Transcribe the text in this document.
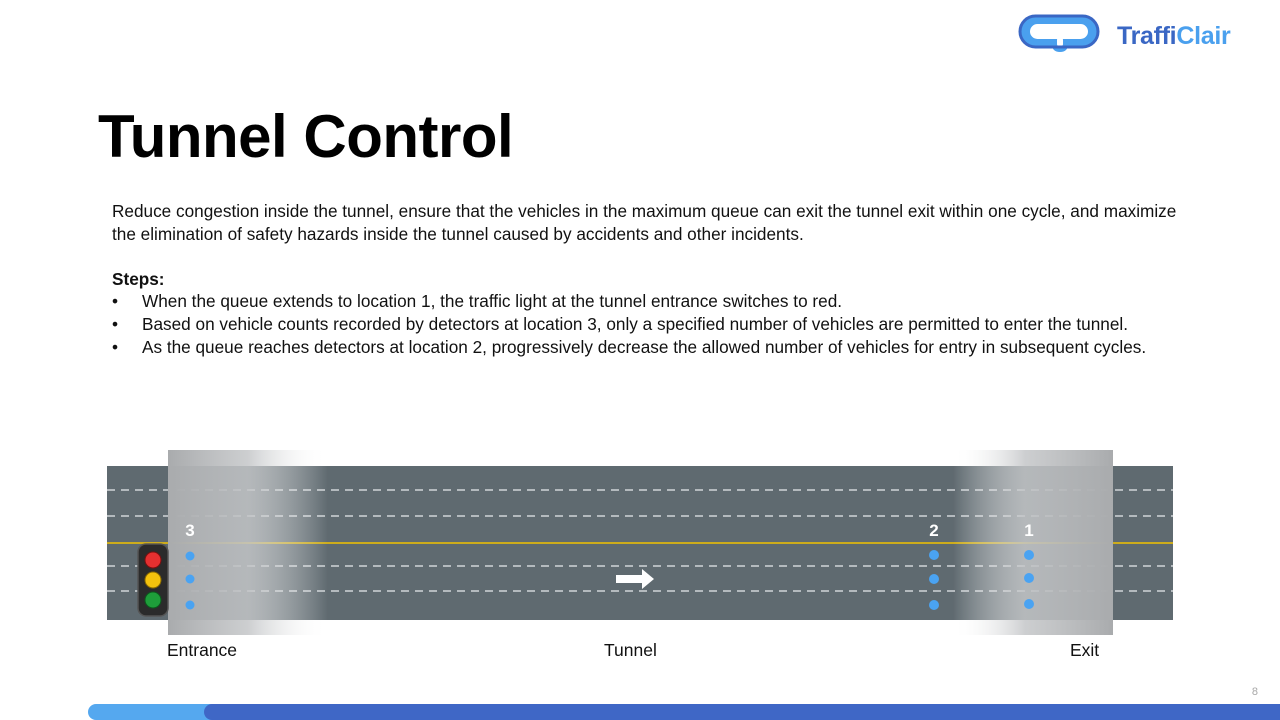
TraffiClair
Tunnel Control

Reduce congestion inside the tunnel, ensure that the vehicles in the maximum queue can exit the tunnel exit within one cycle, and maximize the elimination of safety hazards inside the tunnel caused by accidents and other incidents.

Steps:

• When the queue extends to location 1, the traffic light at the tunnel entrance switches to red.
• Based on vehicle counts recorded by detectors at location 3, only a specified number of vehicles are permitted to enter the tunnel.
• As the queue reaches detectors at location 2, progressively decrease the allowed number of vehicles for entry in subsequent cycles.
3	2	1
Entrance	Tunnel	Exit
8
